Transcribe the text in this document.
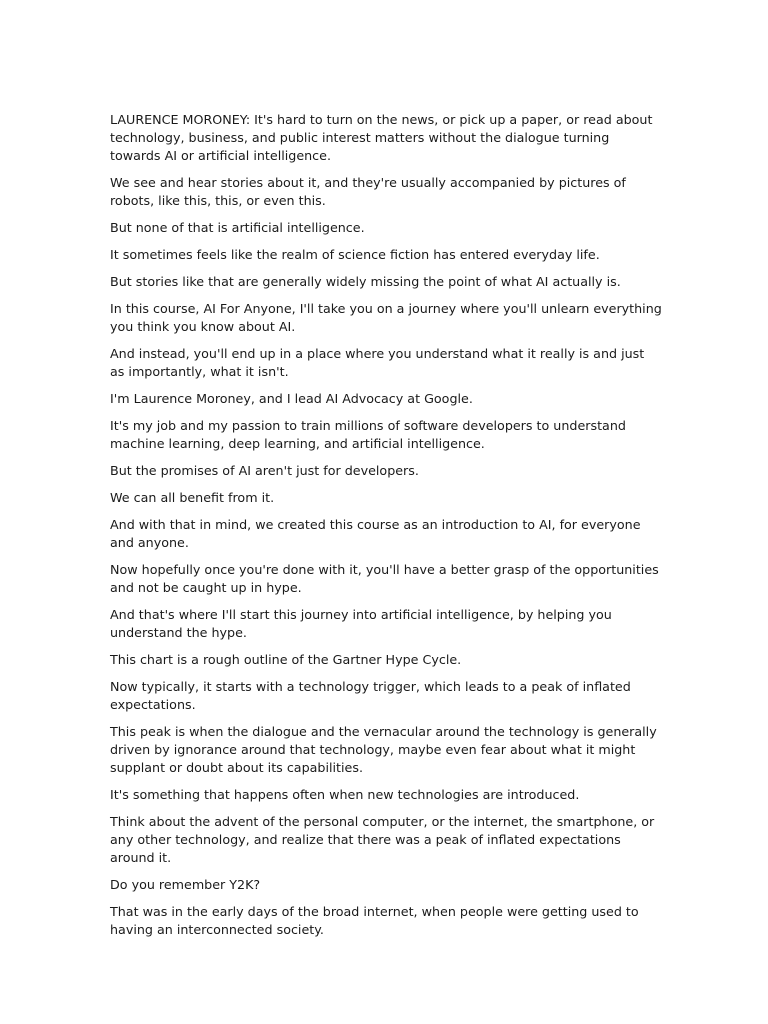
LAURENCE MORONEY: It's hard to turn on the news, or pick up a paper, or read about technology, business, and public interest matters without the dialogue turning towards AI or artificial intelligence.

We see and hear stories about it, and they're usually accompanied by pictures of robots, like this, this, or even this.

But none of that is artificial intelligence.

It sometimes feels like the realm of science fiction has entered everyday life.

But stories like that are generally widely missing the point of what AI actually is.

In this course, AI For Anyone, I'll take you on a journey where you'll unlearn everything you think you know about AI.

And instead, you'll end up in a place where you understand what it really is and just as importantly, what it isn't.

I'm Laurence Moroney, and I lead AI Advocacy at Google.

It's my job and my passion to train millions of software developers to understand machine learning, deep learning, and artificial intelligence.

But the promises of AI aren't just for developers.

We can all benefit from it.

And with that in mind, we created this course as an introduction to AI, for everyone and anyone.

Now hopefully once you're done with it, you'll have a better grasp of the opportunities and not be caught up in hype.

And that's where I'll start this journey into artificial intelligence, by helping you understand the hype.

This chart is a rough outline of the Gartner Hype Cycle.

Now typically, it starts with a technology trigger, which leads to a peak of inflated expectations.

This peak is when the dialogue and the vernacular around the technology is generally driven by ignorance around that technology, maybe even fear about what it might supplant or doubt about its capabilities.

It's something that happens often when new technologies are introduced.

Think about the advent of the personal computer, or the internet, the smartphone, or any other technology, and realize that there was a peak of inflated expectations around it.

Do you remember Y2K?

That was in the early days of the broad internet, when people were getting used to having an interconnected society.
